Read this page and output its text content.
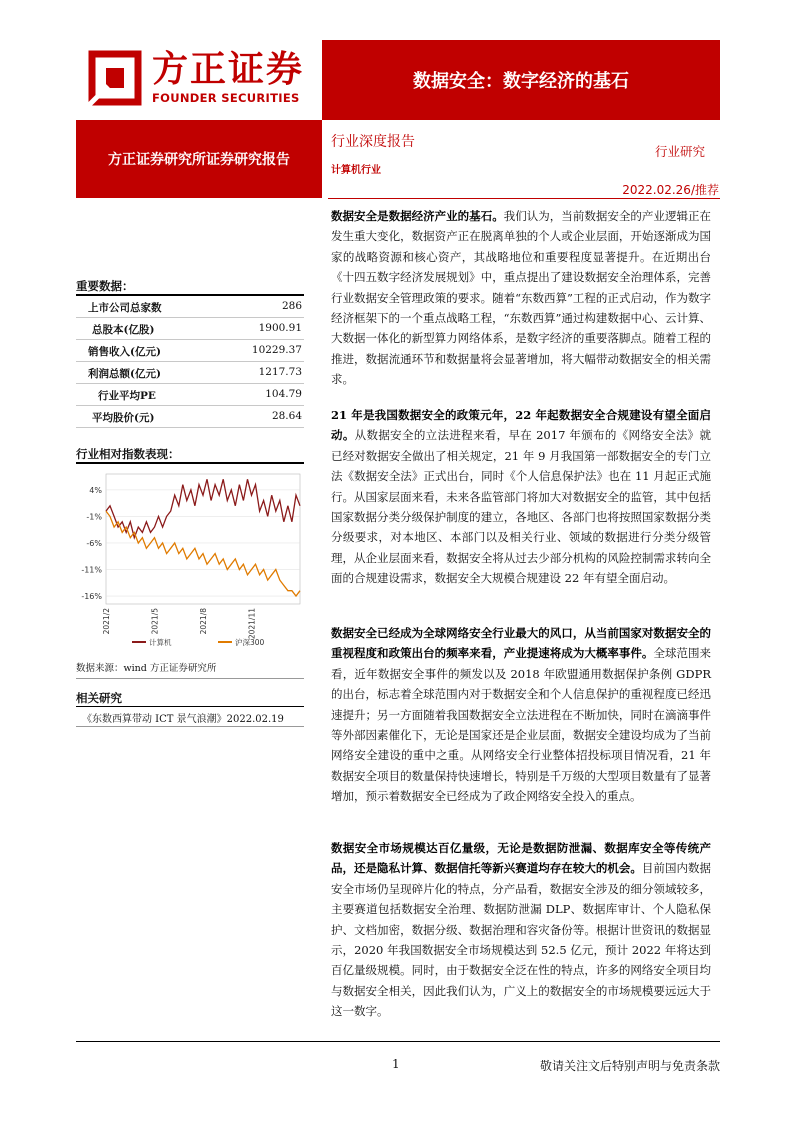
方正证券
FOUNDER SECURITIES
数据安全：数字经济的基石
方正证券研究所证券研究报告
行业深度报告
计算机行业
行业研究
2022.02.26/推荐
重要数据：
上市公司总家数	286
总股本(亿股)	1900.91
销售收入(亿元)	10229.37
利润总额(亿元)	1217.73
行业平均PE	104.79
平均股价(元)	28.64
行业相对指数表现：
4%
-1%
-6%
-11%
-16%
2021/2	2021/5	2021/8	2021/11
计算机	沪深300
数据来源：wind 方正证券研究所
相关研究
《东数西算带动 ICT 景气浪潮》2022.02.19
数据安全是数据经济产业的基石。我们认为，当前数据安全的产业逻辑正在发生重大变化，数据资产正在脱离单独的个人或企业层面，开始逐渐成为国家的战略资源和核心资产，其战略地位和重要程度显著提升。在近期出台《十四五数字经济发展规划》中，重点提出了建设数据安全治理体系，完善行业数据安全管理政策的要求。随着“东数西算”工程的正式启动，作为数字经济框架下的一个重点战略工程，“东数西算”通过构建数据中心、云计算、大数据一体化的新型算力网络体系，是数字经济的重要落脚点。随着工程的推进，数据流通环节和数据量将会显著增加，将大幅带动数据安全的相关需求。
21 年是我国数据安全的政策元年，22 年起数据安全合规建设有望全面启动。从数据安全的立法进程来看，早在 2017 年颁布的《网络安全法》就已经对数据安全做出了相关规定，21 年 9 月我国第一部数据安全的专门立法《数据安全法》正式出台，同时《个人信息保护法》也在 11 月起正式施行。从国家层面来看，未来各监管部门将加大对数据安全的监管，其中包括国家数据分类分级保护制度的建立，各地区、各部门也将按照国家数据分类分级要求，对本地区、本部门以及相关行业、领域的数据进行分类分级管理，从企业层面来看，数据安全将从过去少部分机构的风险控制需求转向全面的合规建设需求，数据安全大规模合规建设 22 年有望全面启动。
数据安全已经成为全球网络安全行业最大的风口，从当前国家对数据安全的重视程度和政策出台的频率来看，产业提速将成为大概率事件。全球范围来看，近年数据安全事件的频发以及 2018 年欧盟通用数据保护条例 GDPR 的出台，标志着全球范围内对于数据安全和个人信息保护的重视程度已经迅速提升；另一方面随着我国数据安全立法进程在不断加快，同时在滴滴事件等外部因素催化下，无论是国家还是企业层面，数据安全建设均成为了当前网络安全建设的重中之重。从网络安全行业整体招投标项目情况看，21 年数据安全项目的数量保持快速增长，特别是千万级的大型项目数量有了显著增加，预示着数据安全已经成为了政企网络安全投入的重点。
数据安全市场规模达百亿量级，无论是数据防泄漏、数据库安全等传统产品，还是隐私计算、数据信托等新兴赛道均存在较大的机会。目前国内数据安全市场仍呈现碎片化的特点，分产品看，数据安全涉及的细分领域较多，主要赛道包括数据安全治理、数据防泄漏 DLP、数据库审计、个人隐私保护、文档加密，数据分级、数据治理和容灾备份等。根据计世资讯的数据显示，2020 年我国数据安全市场规模达到 52.5 亿元，预计 2022 年将达到百亿量级规模。同时，由于数据安全泛在性的特点，许多的网络安全项目均与数据安全相关，因此我们认为，广义上的数据安全的市场规模要远远大于这一数字。
1	敬请关注文后特别声明与免责条款
